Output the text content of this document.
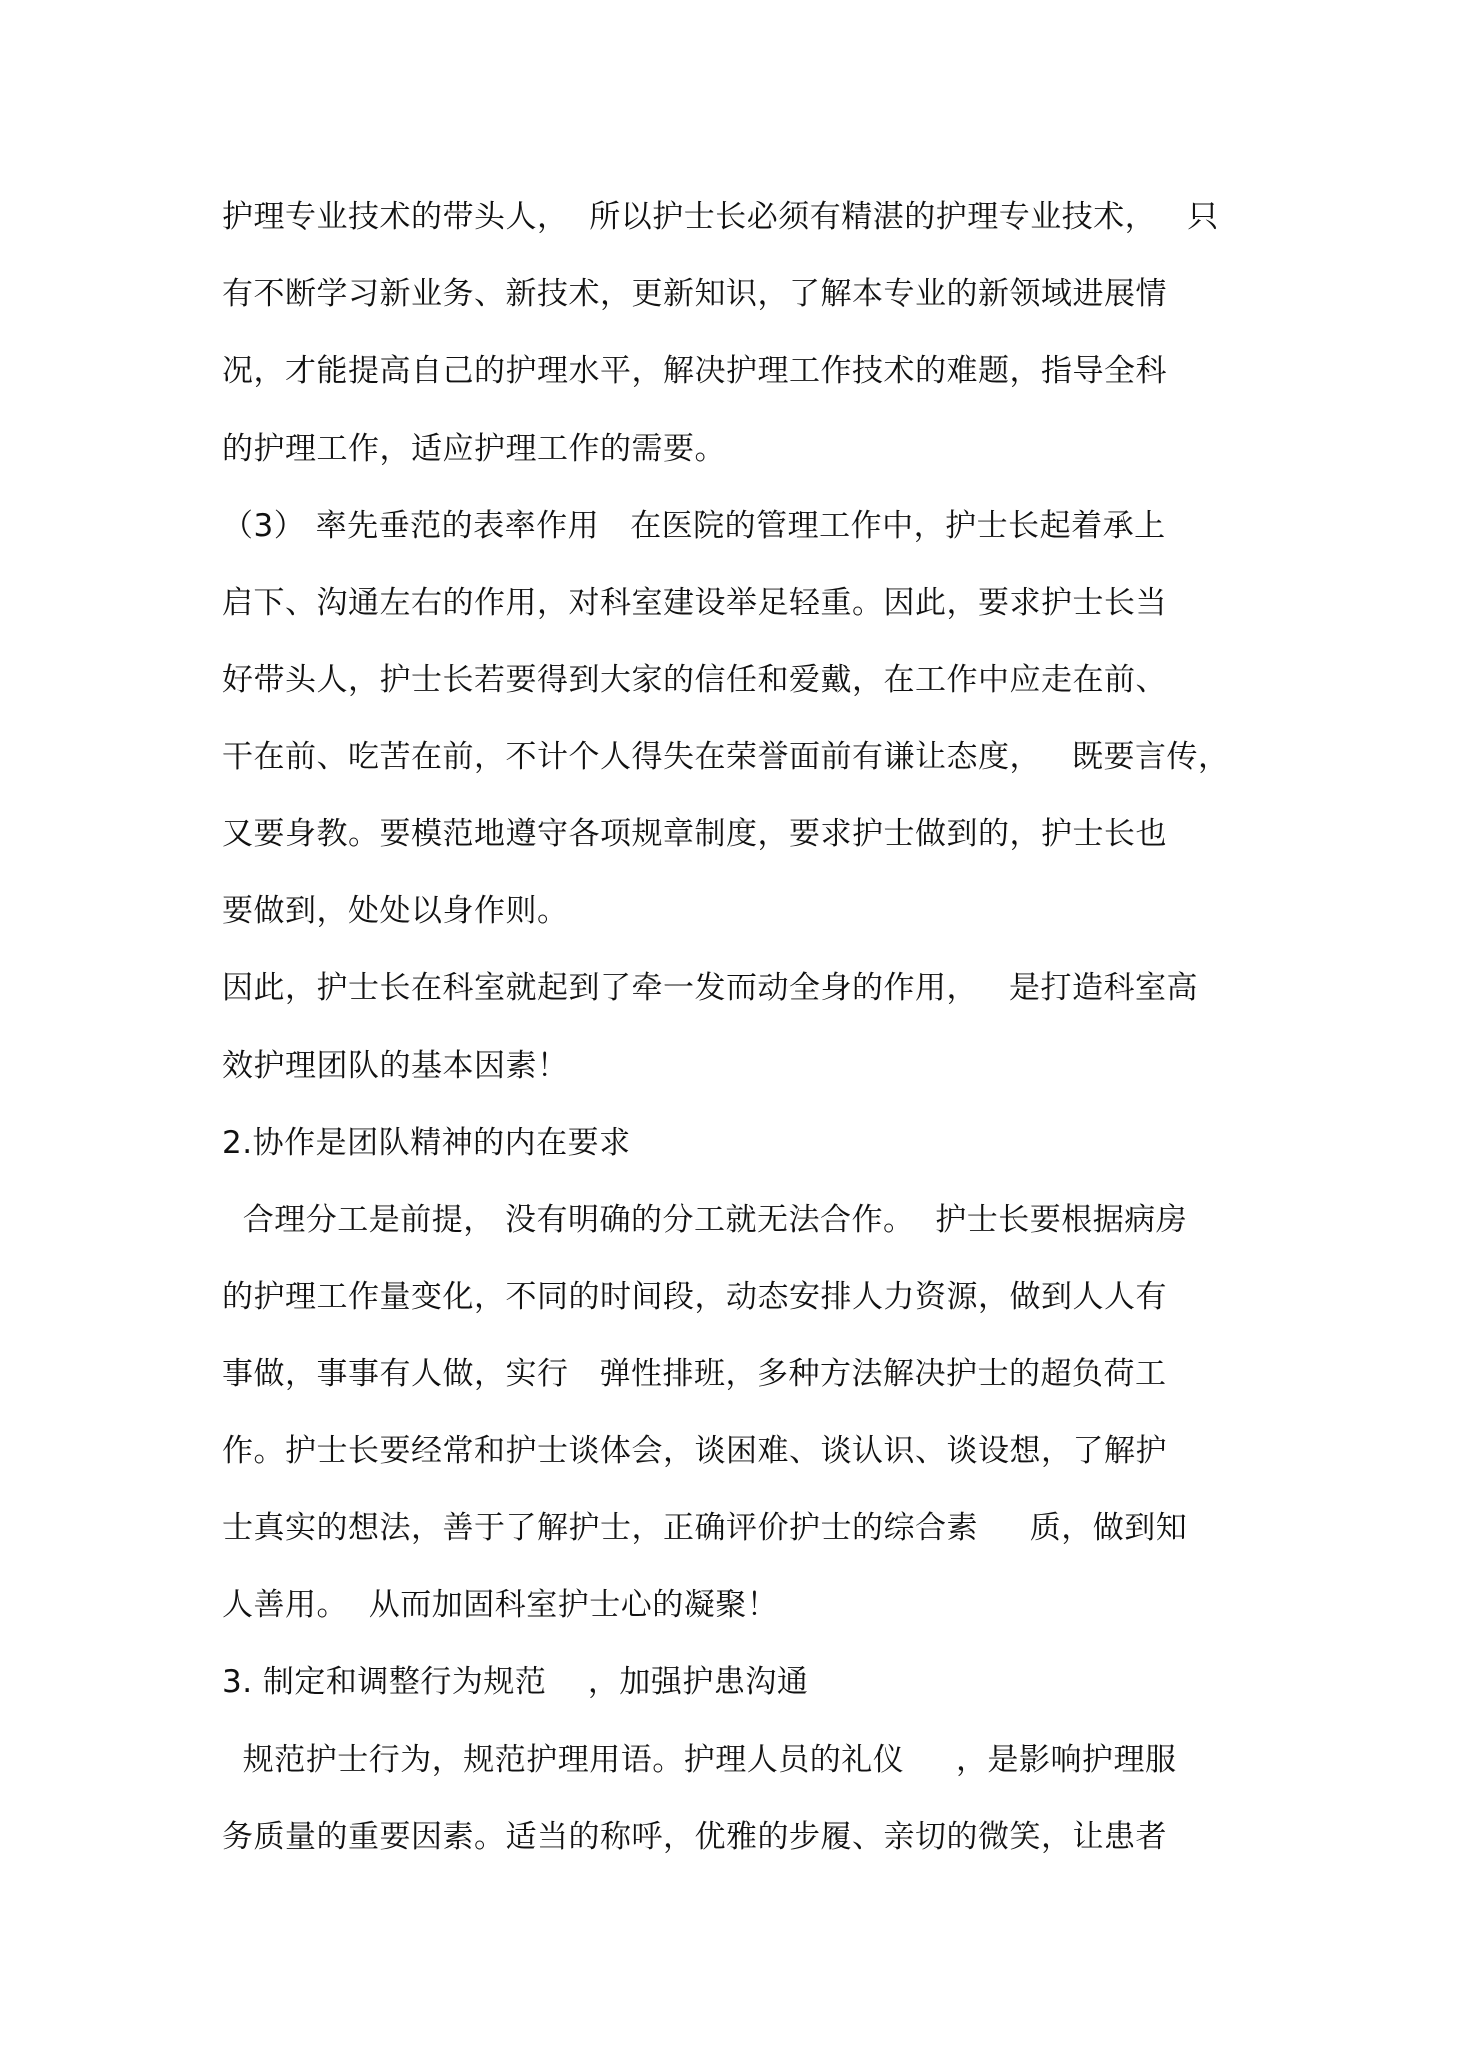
护理专业技术的带头人，  所以护士长必须有精湛的护理专业技术，   只
有不断学习新业务、新技术，更新知识，了解本专业的新领域进展情
况，才能提高自己的护理水平，解决护理工作技术的难题，指导全科
的护理工作，适应护理工作的需要。
（3） 率先垂范的表率作用   在医院的管理工作中，护士长起着承上
启下、沟通左右的作用，对科室建设举足轻重。因此，要求护士长当
好带头人，护士长若要得到大家的信任和爱戴，在工作中应走在前、
干在前、吃苦在前，不计个人得失在荣誉面前有谦让态度，   既要言传，
又要身教。要模范地遵守各项规章制度，要求护士做到的，护士长也
要做到，处处以身作则。
因此，护士长在科室就起到了牵一发而动全身的作用，   是打造科室高
效护理团队的基本因素！
2.协作是团队精神的内在要求
合理分工是前提， 没有明确的分工就无法合作。  护士长要根据病房
的护理工作量变化，不同的时间段，动态安排人力资源，做到人人有
事做，事事有人做，实行   弹性排班，多种方法解决护士的超负荷工
作。护士长要经常和护士谈体会，谈困难、谈认识、谈设想，了解护
士真实的想法，善于了解护士，正确评价护士的综合素     质，做到知
人善用。  从而加固科室护士心的凝聚！
3. 制定和调整行为规范    ，加强护患沟通
规范护士行为，规范护理用语。护理人员的礼仪     ，是影响护理服
务质量的重要因素。适当的称呼，优雅的步履、亲切的微笑，让患者
